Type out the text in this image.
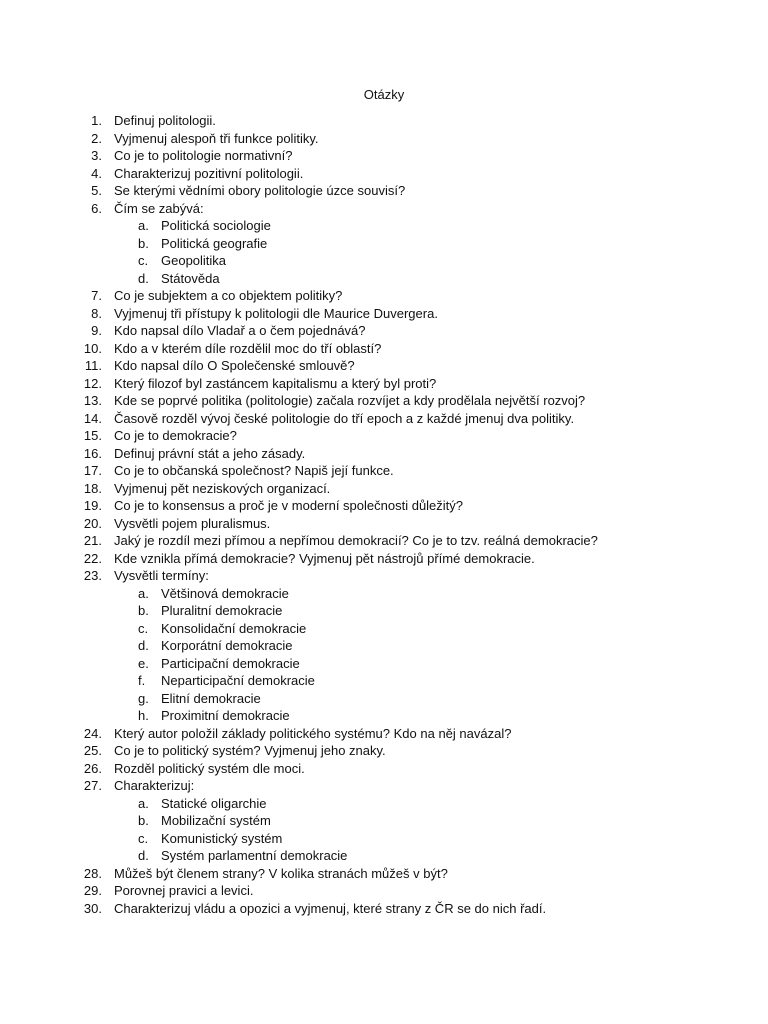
Otázky
1. Definuj politologii.
2. Vyjmenuj alespoň tři funkce politiky.
3. Co je to politologie normativní?
4. Charakterizuj pozitivní politologii.
5. Se kterými vědními obory politologie úzce souvisí?
6. Čím se zabývá:
a. Politická sociologie
b. Politická geografie
c. Geopolitika
d. Státověda
7. Co je subjektem a co objektem politiky?
8. Vyjmenuj tři přístupy k politologii dle Maurice Duvergera.
9. Kdo napsal dílo Vladař a o čem pojednává?
10. Kdo a v kterém díle rozdělil moc do tří oblastí?
11. Kdo napsal dílo O Společenské smlouvě?
12. Který filozof byl zastáncem kapitalismu a který byl proti?
13. Kde se poprvé politika (politologie) začala rozvíjet a kdy prodělala největší rozvoj?
14. Časově rozděl vývoj české politologie do tří epoch a z každé jmenuj dva politiky.
15. Co je to demokracie?
16. Definuj právní stát a jeho zásady.
17. Co je to občanská společnost? Napiš její funkce.
18. Vyjmenuj pět neziskových organizací.
19. Co je to konsensus a proč je v moderní společnosti důležitý?
20. Vysvětli pojem pluralismus.
21. Jaký je rozdíl mezi přímou a nepřímou demokracií? Co je to tzv. reálná demokracie?
22. Kde vznikla přímá demokracie? Vyjmenuj pět nástrojů přímé demokracie.
23. Vysvětli termíny:
a. Většinová demokracie
b. Pluralitní demokracie
c. Konsolidační demokracie
d. Korporátní demokracie
e. Participační demokracie
f. Neparticipační demokracie
g. Elitní demokracie
h. Proximitní demokracie
24. Který autor položil základy politického systému? Kdo na něj navázal?
25. Co je to politický systém? Vyjmenuj jeho znaky.
26. Rozděl politický systém dle moci.
27. Charakterizuj:
a. Statické oligarchie
b. Mobilizační systém
c. Komunistický systém
d. Systém parlamentní demokracie
28. Můžeš být členem strany? V kolika stranách můžeš v být?
29. Porovnej pravici a levici.
30. Charakterizuj vládu a opozici a vyjmenuj, které strany z ČR se do nich řadí.
